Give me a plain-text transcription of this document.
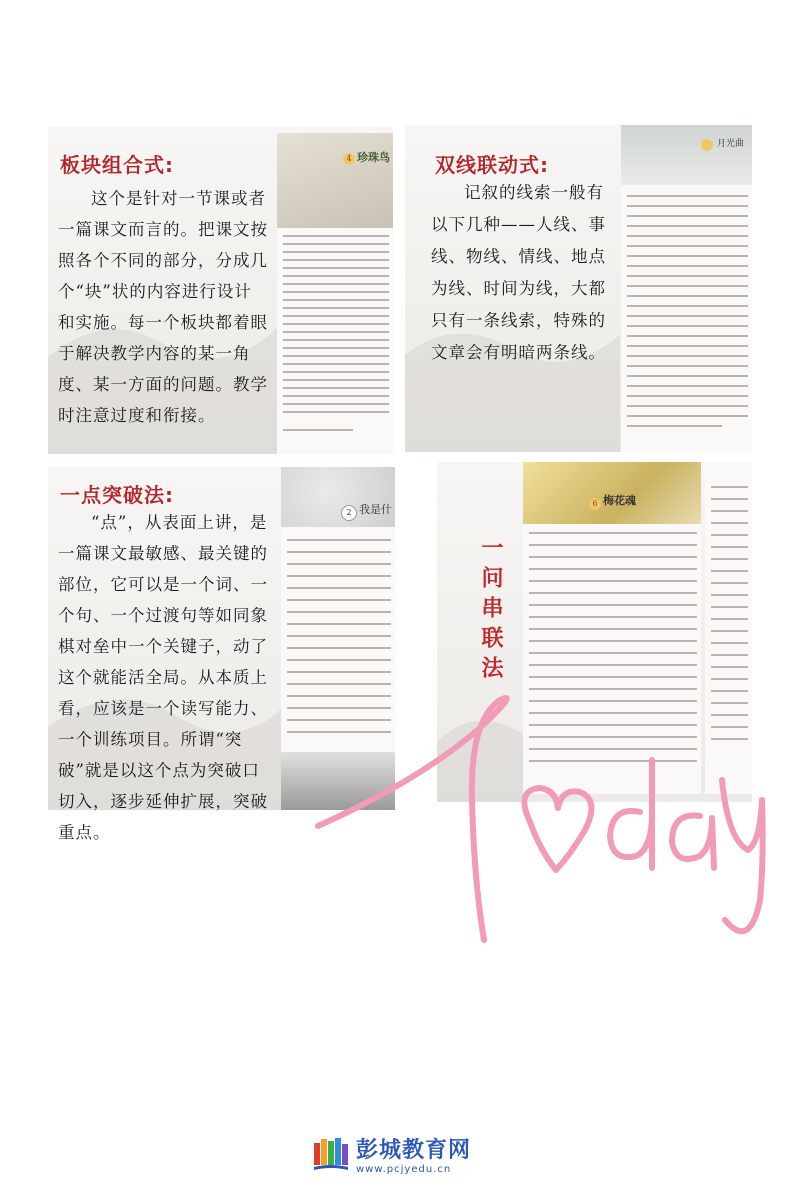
板块组合式:
这个是针对一节课或者一篇课文而言的。把课文按照各个不同的部分，分成几个“块”状的内容进行设计和实施。每一个板块都着眼于解决教学内容的某一角度、某一方面的问题。教学时注意过度和衔接。
4 珍珠鸟 双线联动式:
记叙的线索一般有以下几种——人线、事线、物线、情线、地点为线、时间为线，大都只有一条线索，特殊的文章会有明暗两条线。
月光曲
一点突破法:
“点”，从表面上讲，是一篇课文最敏感、最关键的部位，它可以是一个词、一个句、一个过渡句等如同象棋对垒中一个关键子，动了这个就能活全局。从本质上看，应该是一个读写能力、一个训练项目。所谓“突破”就是以这个点为突破口切入，逐步延伸扩展，突破重点。
2 我是什
一问串联法
6 梅花魂
彭城教育网
www.pcjyedu.cn
